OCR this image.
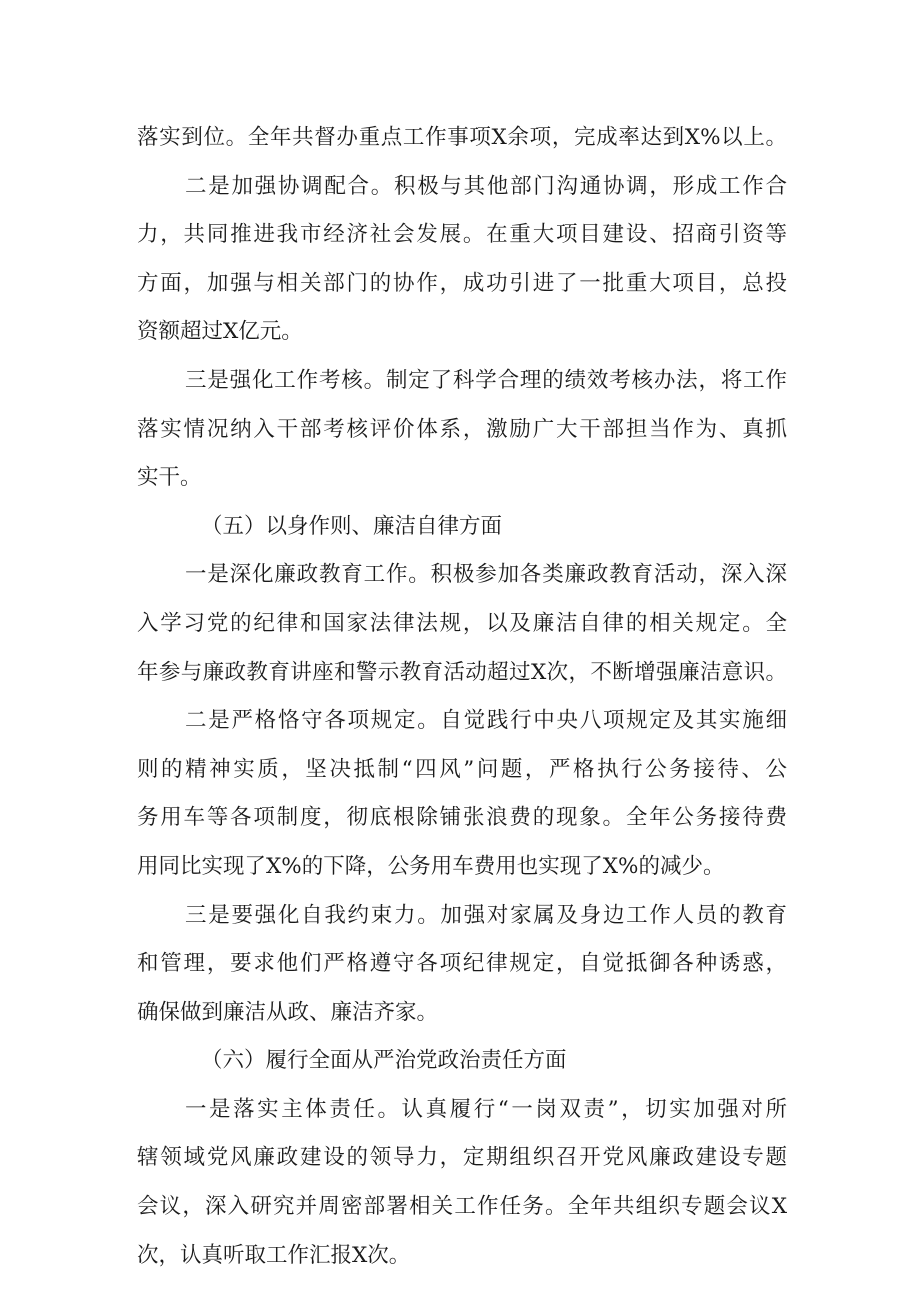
落实到位。全年共督办重点工作事项X余项，完成率达到X%以上。
二是加强协调配合。积极与其他部门沟通协调，形成工作合
力，共同推进我市经济社会发展。在重大项目建设、招商引资等
方面，加强与相关部门的协作，成功引进了一批重大项目，总投
资额超过X亿元。
三是强化工作考核。制定了科学合理的绩效考核办法，将工作
落实情况纳入干部考核评价体系，激励广大干部担当作为、真抓
实干。
（五）以身作则、廉洁自律方面
一是深化廉政教育工作。积极参加各类廉政教育活动，深入深
入学习党的纪律和国家法律法规，以及廉洁自律的相关规定。全
年参与廉政教育讲座和警示教育活动超过X次，不断增强廉洁意识。
二是严格恪守各项规定。自觉践行中央八项规定及其实施细
则的精神实质，坚决抵制“四风”问题，严格执行公务接待、公
务用车等各项制度，彻底根除铺张浪费的现象。全年公务接待费
用同比实现了X%的下降，公务用车费用也实现了X%的减少。
三是要强化自我约束力。加强对家属及身边工作人员的教育
和管理，要求他们严格遵守各项纪律规定，自觉抵御各种诱惑，
确保做到廉洁从政、廉洁齐家。
（六）履行全面从严治党政治责任方面
一是落实主体责任。认真履行“一岗双责”，切实加强对所
辖领域党风廉政建设的领导力，定期组织召开党风廉政建设专题
会议，深入研究并周密部署相关工作任务。全年共组织专题会议X
次，认真听取工作汇报X次。
